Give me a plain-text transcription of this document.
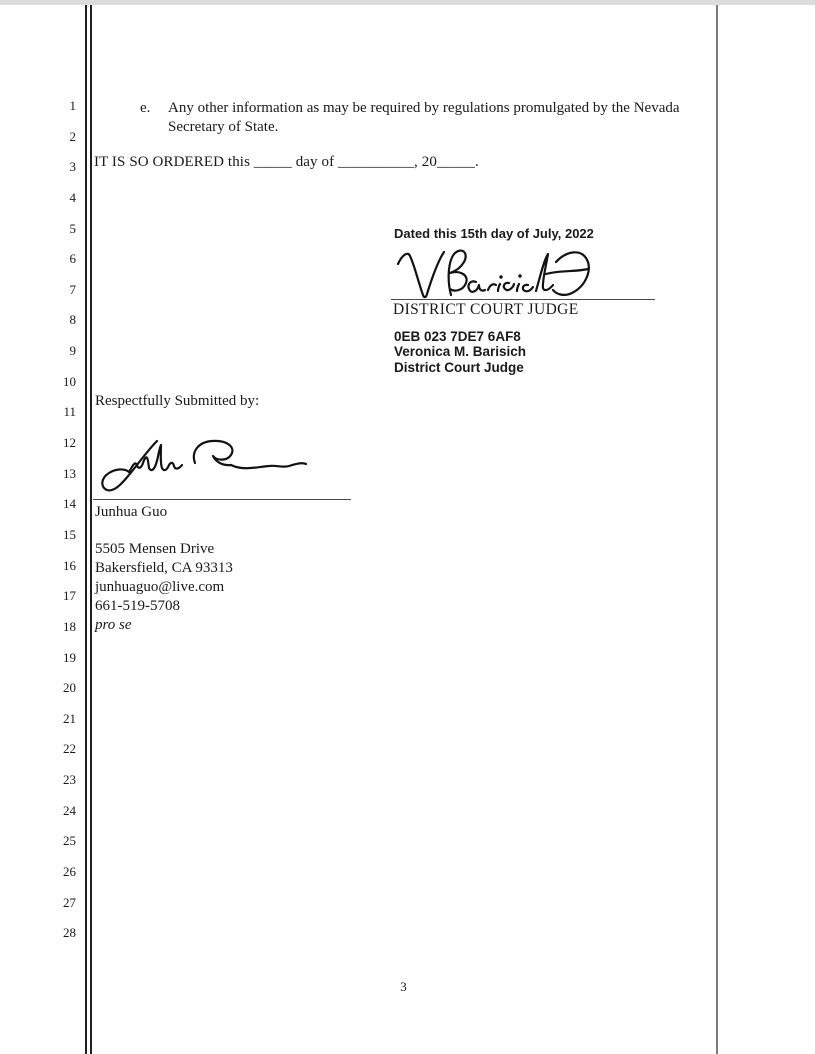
1
2
3
4
5
6
7
8
9
10
11
12
13
14
15
16
17
18
19
20
21
22
23
24
25
26
27
28
e.	Any other information as may be required by regulations promulgated by the Nevada Secretary of State.
IT IS SO ORDERED this _____ day of __________, 20_____.
Dated this 15th day of July, 2022
DISTRICT COURT JUDGE
0EB 023 7DE7 6AF8
Veronica M. Barisich
District Court Judge
Respectfully Submitted by:
Junhua Guo
5505 Mensen Drive
Bakersfield, CA 93313
junhuaguo@live.com
661-519-5708
pro se
3
